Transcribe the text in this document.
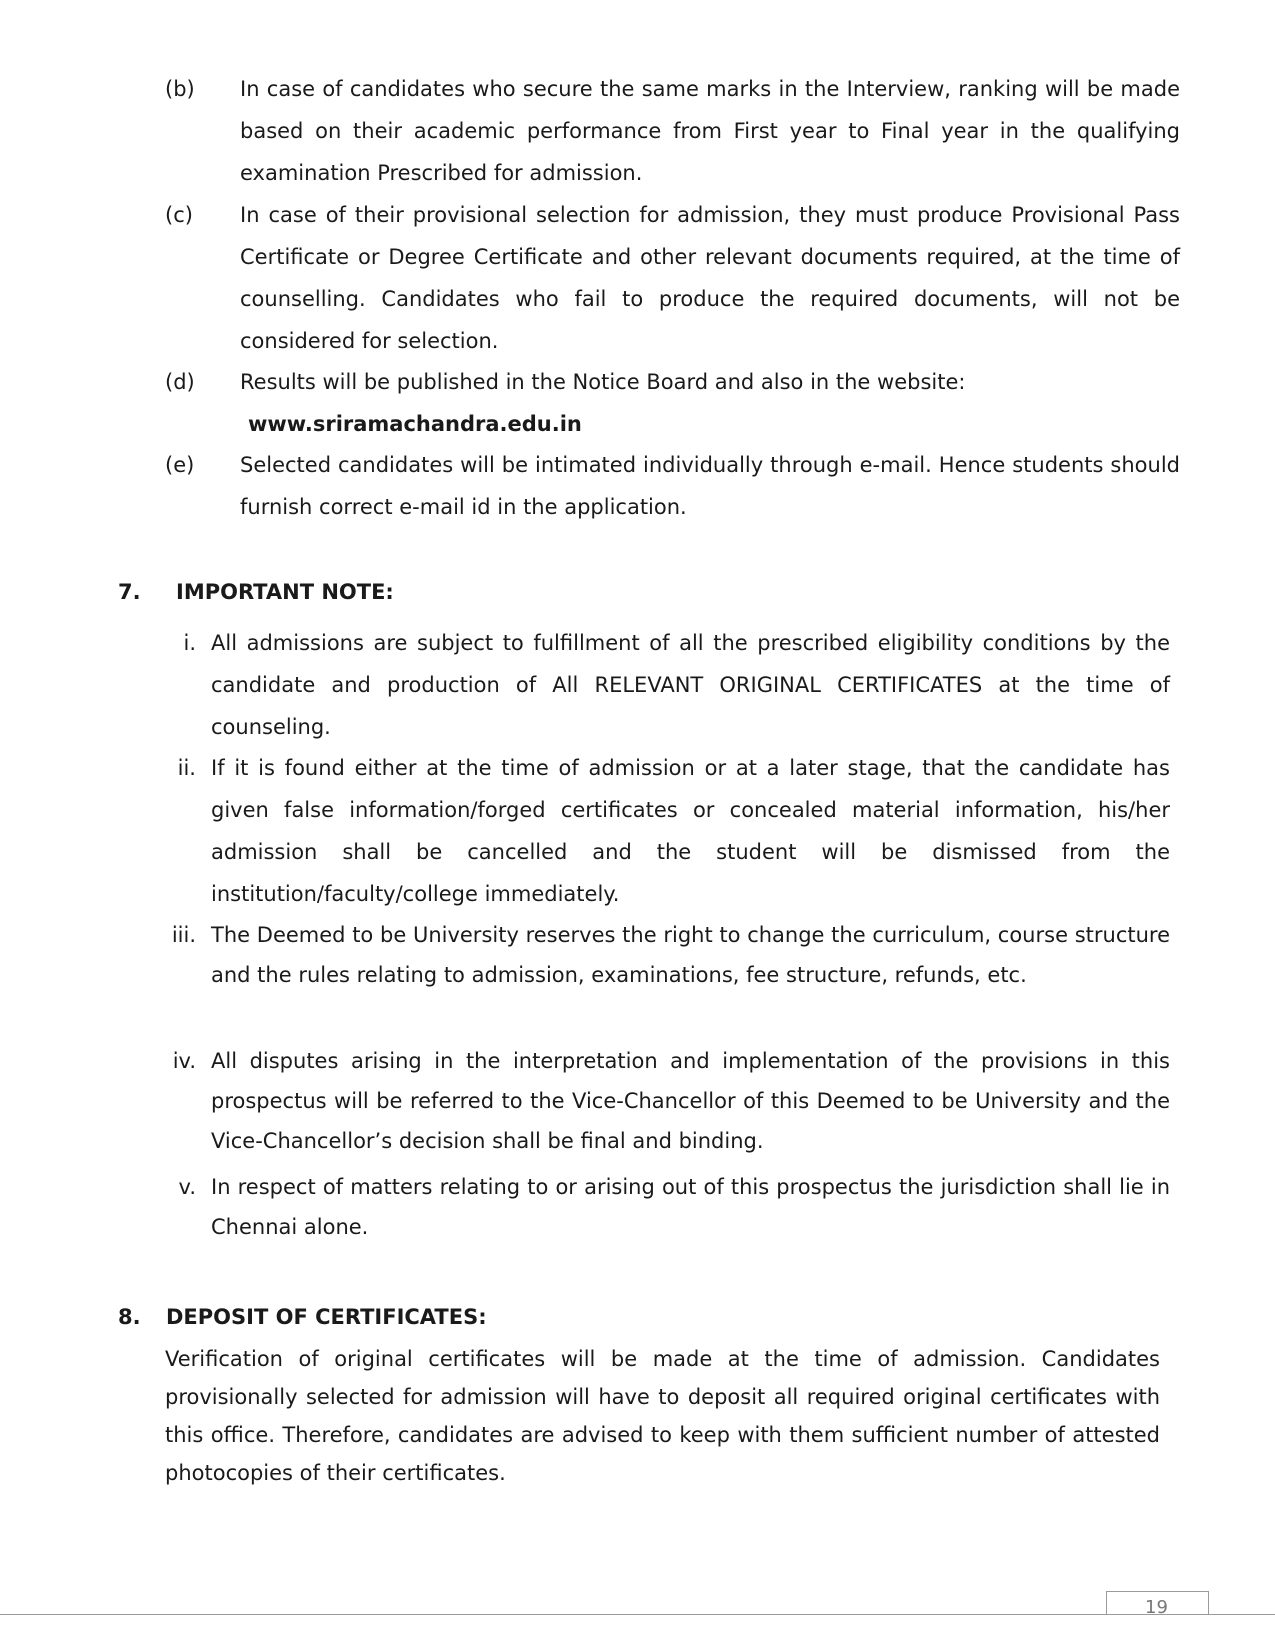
(b) In case of candidates who secure the same marks in the Interview, ranking will be made based on their academic performance from First year to Final year in the qualifying examination Prescribed for admission.
(c) In case of their provisional selection for admission, they must produce Provisional Pass Certificate or Degree Certificate and other relevant documents required, at the time of counselling. Candidates who fail to produce the required documents, will not be considered for selection.
(d) Results will be published in the Notice Board and also in the website:
www.sriramachandra.edu.in
(e) Selected candidates will be intimated individually through e-mail. Hence students should furnish correct e-mail id in the application.
7. IMPORTANT NOTE:
i. All admissions are subject to fulfillment of all the prescribed eligibility conditions by the candidate and production of All RELEVANT ORIGINAL CERTIFICATES at the time of counseling.
ii. If it is found either at the time of admission or at a later stage, that the candidate has given false information/forged certificates or concealed material information, his/her admission shall be cancelled and the student will be dismissed from the institution/faculty/college immediately.
iii. The Deemed to be University reserves the right to change the curriculum, course structure and the rules relating to admission, examinations, fee structure, refunds, etc.
iv. All disputes arising in the interpretation and implementation of the provisions in this prospectus will be referred to the Vice-Chancellor of this Deemed to be University and the Vice-Chancellor’s decision shall be final and binding.
v. In respect of matters relating to or arising out of this prospectus the jurisdiction shall lie in Chennai alone.
8. DEPOSIT OF CERTIFICATES:
Verification of original certificates will be made at the time of admission. Candidates provisionally selected for admission will have to deposit all required original certificates with this office. Therefore, candidates are advised to keep with them sufficient number of attested photocopies of their certificates.
19
